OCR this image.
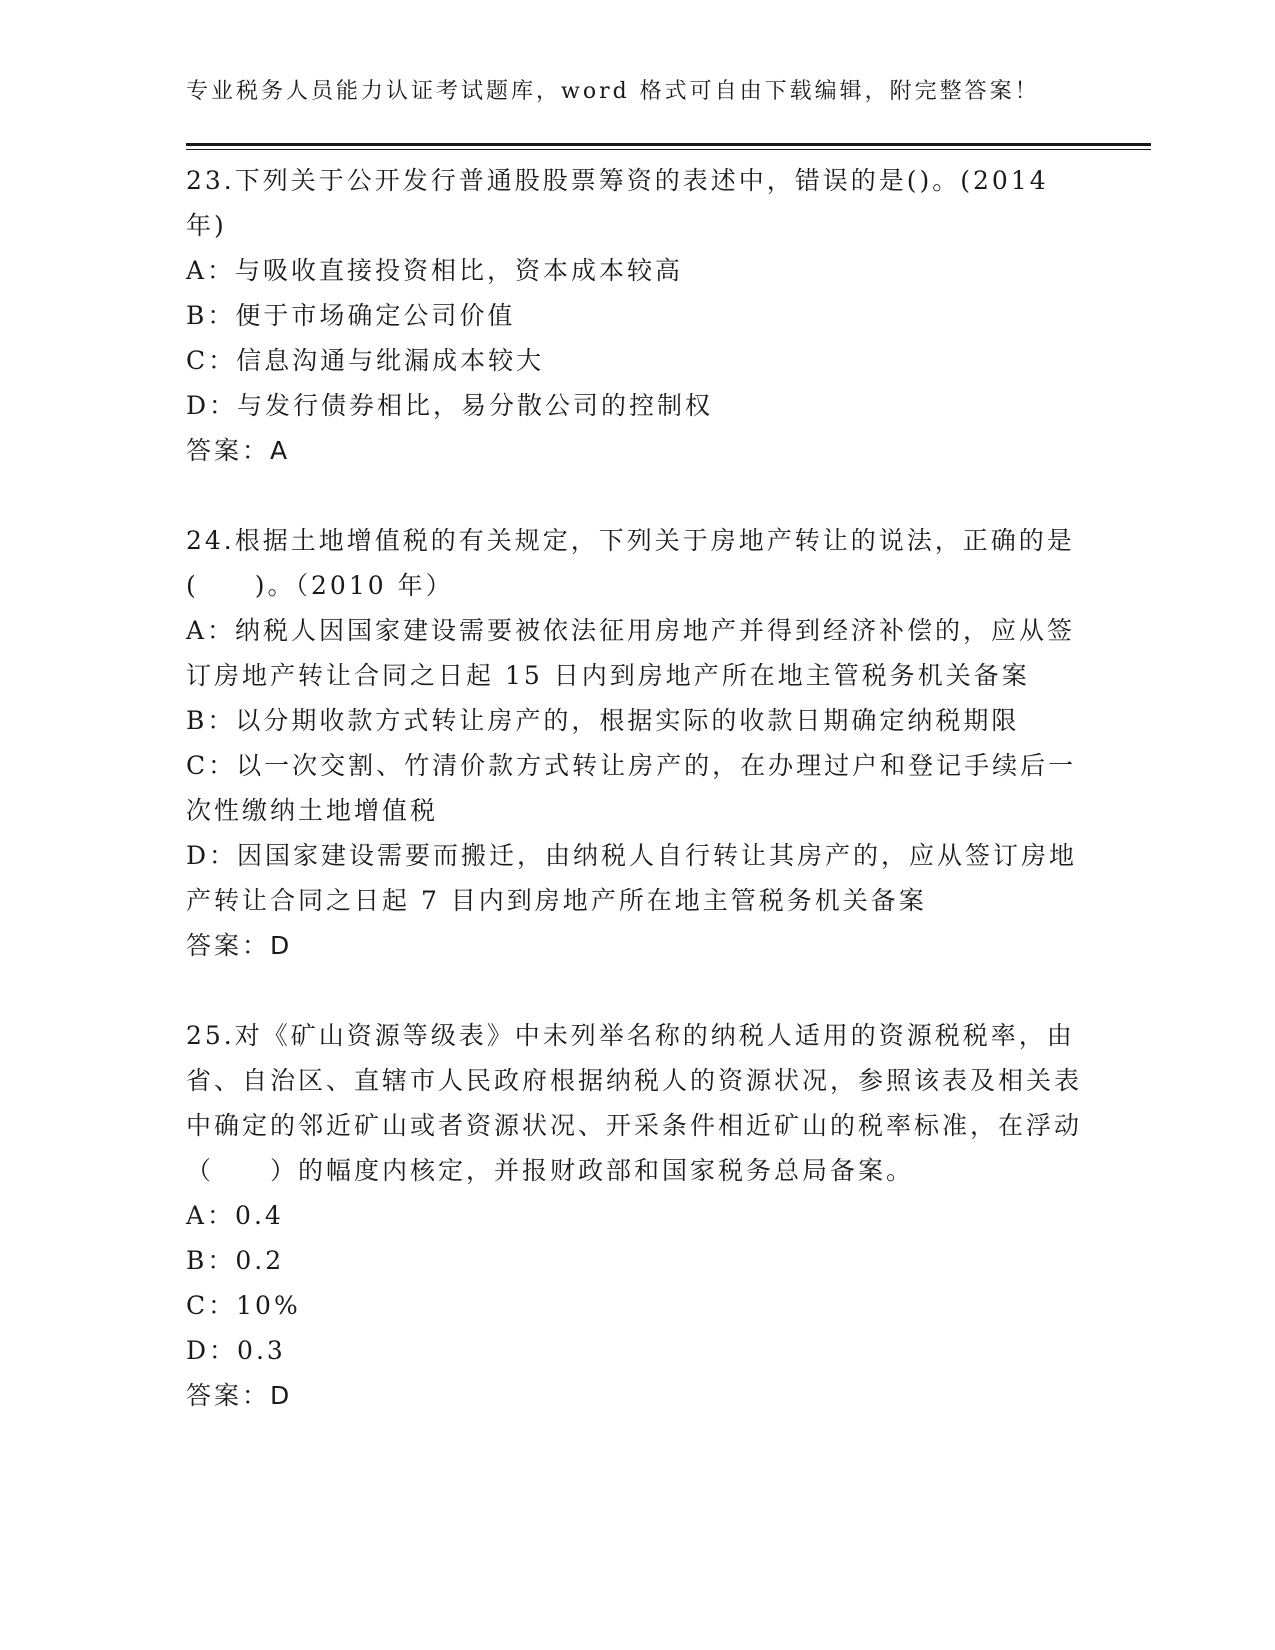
专业税务人员能力认证考试题库，word 格式可自由下载编辑，附完整答案！

23.下列关于公开发行普通股股票筹资的表述中，错误的是()。(2014 年)

A：与吸收直接投资相比，资本成本较高

B：便于市场确定公司价值

C：信息沟通与纰漏成本较大

D：与发行债券相比，易分散公司的控制权

答案：A

24.根据土地增值税的有关规定，下列关于房地产转让的说法，正确的是(　　)。（2010 年）

A：纳税人因国家建设需要被依法征用房地产并得到经济补偿的，应从签订房地产转让合同之日起 15 日内到房地产所在地主管税务机关备案

B：以分期收款方式转让房产的，根据实际的收款日期确定纳税期限

C：以一次交割、竹清价款方式转让房产的，在办理过户和登记手续后一次性缴纳土地增值税

D：因国家建设需要而搬迁，由纳税人自行转让其房产的，应从签订房地产转让合同之日起 7 目内到房地产所在地主管税务机关备案

答案：D

25.对《矿山资源等级表》中未列举名称的纳税人适用的资源税税率，由省、自治区、直辖市人民政府根据纳税人的资源状况，参照该表及相关表中确定的邻近矿山或者资源状况、开采条件相近矿山的税率标准，在浮动（　　）的幅度内核定，并报财政部和国家税务总局备案。

A：0.4

B：0.2

C：10%

D：0.3

答案：D
